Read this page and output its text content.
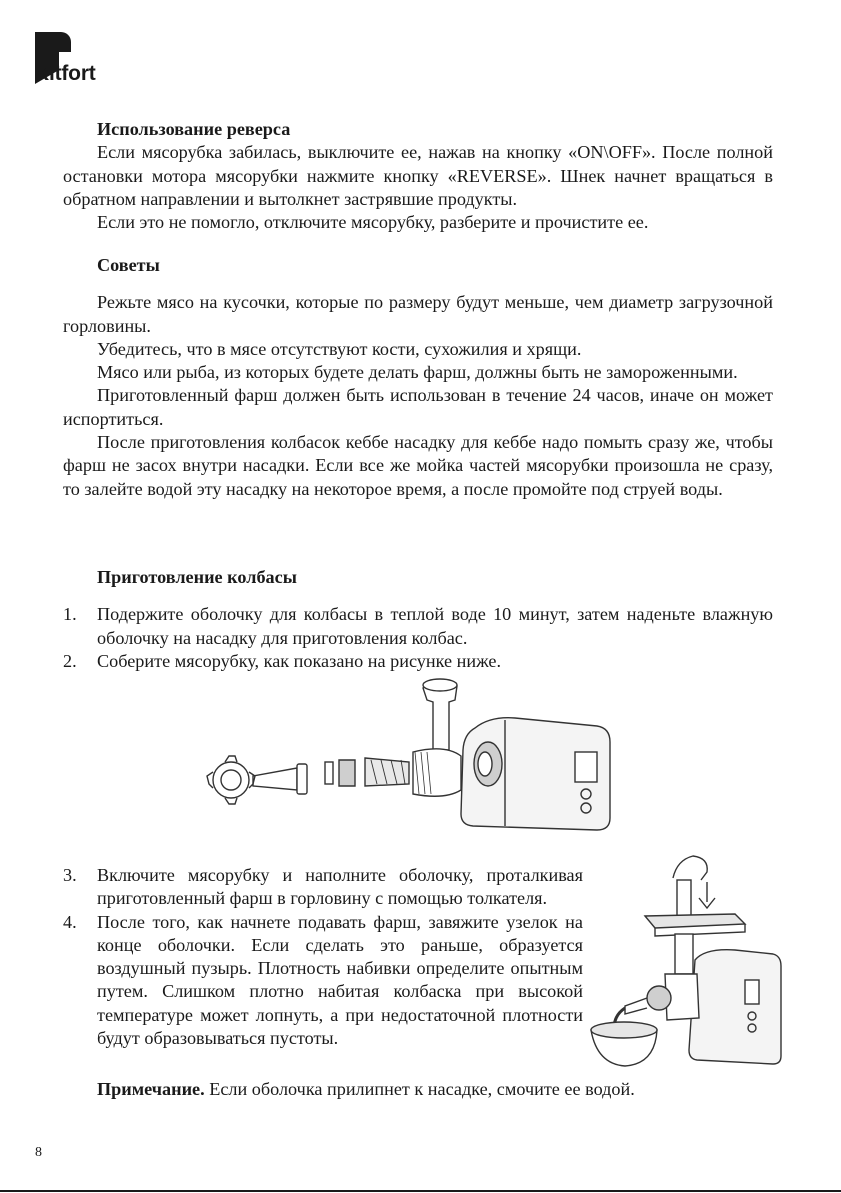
Kitfort

Использование реверса

Если мясорубка забилась, выключите ее, нажав на кнопку «ON\OFF». После полной остановки мотора мясорубки нажмите кнопку «REVERSE». Шнек начнет вращаться в обратном направлении и вытолкнет застрявшие продукты.

Если это не помогло, отключите мясорубку, разберите и прочистите ее.

Советы

Режьте мясо на кусочки, которые по размеру будут меньше, чем диаметр загрузочной горловины.

Убедитесь, что в мясе отсутствуют кости, сухожилия и хрящи.

Мясо или рыба, из которых будете делать фарш, должны быть не замороженными.

Приготовленный фарш должен быть использован в течение 24 часов, иначе он может испортиться.

После приготовления колбасок кеббе насадку для кеббе надо помыть сразу же, чтобы фарш не засох внутри насадки. Если все же мойка частей мясорубки произошла не сразу, то залейте водой эту насадку на некоторое время, а после промойте под струей воды.

Приготовление колбасы

1. Подержите оболочку для колбасы в теплой воде 10 минут, затем наденьте влажную оболочку на насадку для приготовления колбас.
2. Соберите мясорубку, как показано на рисунке ниже.
3. Включите мясорубку и наполните оболочку, проталкивая приготовленный фарш в горловину с помощью толкателя.
4. После того, как начнете подавать фарш, завяжите узелок на конце оболочки. Если сделать это раньше, образуется воздушный пузырь. Плотность набивки определите опытным путем. Слишком плотно набитая колбаска при высокой температуре может лопнуть, а при недостаточной плотности будут образовываться пустоты.

Примечание. Если оболочка прилипнет к насадке, смочите ее водой.

8
